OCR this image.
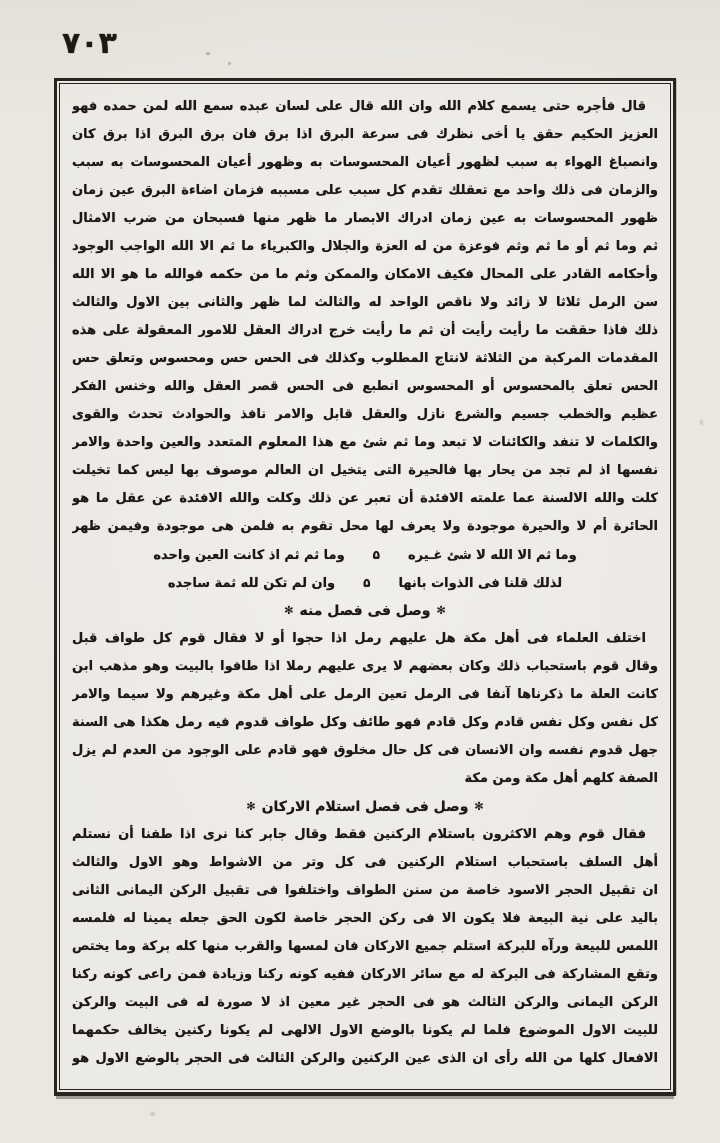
٧٠٣
قال فأجره حتى يسمع كلام الله وان الله قال على لسان عبده سمع الله لمن حمده فهو
العزيز الحكيم حقق يا أخى نظرك فى سرعة البرق اذا برق فان برق البرق اذا برق كان
وانصباغ الهواء به سبب لظهور أعيان المحسوسات به وظهور أعيان المحسوسات به سبب
والزمان فى ذلك واحد مع تعقلك تقدم كل سبب على مسببه فزمان اضاءة البرق عين زمان
ظهور المحسوسات به عين زمان ادراك الابصار ما ظهر منها فسبحان من ضرب الامثال
ثم وما ثم أو ما ثم وثم فوعزة من له العزة والجلال والكبرياء ما ثم الا الله الواجب الوجود
وأحكامه القادر على المحال فكيف الامكان والممكن وثم ما من حكمه فوالله ما هو الا الله
سن الرمل ثلاثا لا زائد ولا ناقص الواحد له والثالث لما ظهر والثانى بين الاول والثالث
ذلك فاذا حققت ما رأيت رأيت أن ثم ما رأيت خرج ادراك العقل للامور المعقولة على هذه
المقدمات المركبة من الثلاثة لانتاج المطلوب وكذلك فى الحس حس ومحسوس وتعلق حس
الحس تعلق بالمحسوس أو المحسوس انطبع فى الحس قصر العقل والله وخنس الفكر
عظيم والخطب جسيم والشرع نازل والعقل قابل والامر نافذ والحوادث تحدث والقوى
والكلمات لا تنفد والكائنات لا تبعد وما ثم شئ مع هذا المعلوم المتعدد والعين واحدة والامر
نفسها اذ لم تجد من يحار بها فالحيرة التى يتخيل ان العالم موصوف بها ليس كما تخيلت
كلت والله الالسنة عما علمته الافئدة أن تعبر عن ذلك وكلت والله الافئدة عن عقل ما هو
الحائرة أم لا والحيرة موجودة ولا يعرف لها محل تقوم به فلمن هى موجودة وفيمن ظهر
وما ثم الا الله لا شئ غـيره
۵
وما ثم ثم اذ كانت العين واحده
لذلك قلنا فى الذوات بانها
۵
وان لم تكن لله ثمة ساجده
✻
وصل فى فصل منه
✻
اختلف العلماء فى أهل مكة هل عليهم رمل اذا حجوا أو لا فقال قوم كل طواف قبل
وقال قوم باستحباب ذلك وكان بعضهم لا يرى عليهم رملا اذا طافوا بالبيت وهو مذهب ابن
كانت العلة ما ذكرناها آنفا فى الرمل تعين الرمل على أهل مكة وغيرهم ولا سيما والامر
كل نفس وكل نفس قادم وكل قادم فهو طائف وكل طواف قدوم فيه رمل هكذا هى السنة
جهل قدوم نفسه وان الانسان فى كل حال مخلوق فهو قادم على الوجود من العدم لم يزل
الصفة كلهم أهل مكة ومن مكة
✻
وصل فى فصل استلام الاركان
✻
فقال قوم وهم الاكثرون باستلام الركنين فقط وقال جابر كنا نرى اذا طفنا أن نستلم
أهل السلف باستحباب استلام الركنين فى كل وتر من الاشواط وهو الاول والثالث
ان تقبيل الحجر الاسود خاصة من سنن الطواف واختلفوا فى تقبيل الركن اليمانى الثانى
باليد على نية البيعة فلا يكون الا فى ركن الحجر خاصة لكون الحق جعله يمينا له فلمسه
اللمس للبيعة ورآه للبركة استلم جميع الاركان فان لمسها والقرب منها كله بركة وما يختص
وتقع المشاركة فى البركة له مع سائر الاركان ففيه كونه ركنا وزيادة فمن راعى كونه ركنا
الركن اليمانى والركن الثالث هو فى الحجر غير معين اذ لا صورة له فى البيت والركن
للبيت الاول الموضوع فلما لم يكونا بالوضع الاول الالهى لم يكونا ركنين يخالف حكمهما
الافعال كلها من الله رأى ان الذى عين الركنين والركن الثالث فى الحجر بالوضع الاول هو
